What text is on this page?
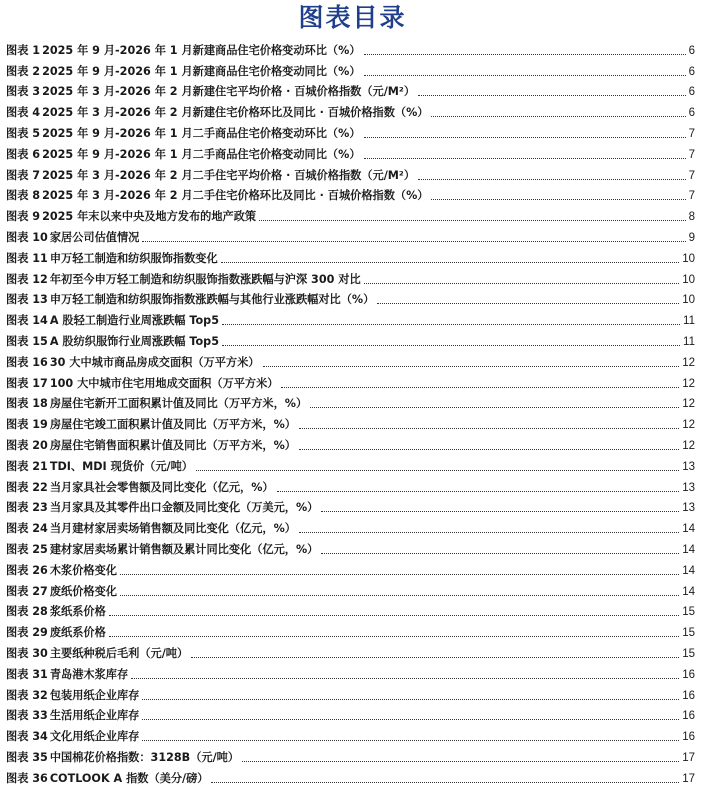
图表目录
图表 1 2025 年 9 月-2026 年 1 月新建商品住宅价格变动环比（%）	6
图表 2 2025 年 9 月-2026 年 1 月新建商品住宅价格变动同比（%）	6
图表 3 2025 年 3 月-2026 年 2 月新建住宅平均价格 · 百城价格指数（元/M²）	6
图表 4 2025 年 3 月-2026 年 2 月新建住宅价格环比及同比 · 百城价格指数（%）	6
图表 5 2025 年 9 月-2026 年 1 月二手商品住宅价格变动环比（%）	7
图表 6 2025 年 9 月-2026 年 1 月二手商品住宅价格变动同比（%）	7
图表 7 2025 年 3 月-2026 年 2 月二手住宅平均价格 · 百城价格指数（元/M²）	7
图表 8 2025 年 3 月-2026 年 2 月二手住宅价格环比及同比 · 百城价格指数（%）	7
图表 9 2025 年末以来中央及地方发布的地产政策	8
图表 10 家居公司估值情况	9
图表 11 申万轻工制造和纺织服饰指数变化	10
图表 12 年初至今申万轻工制造和纺织服饰指数涨跌幅与沪深 300 对比	10
图表 13 申万轻工制造和纺织服饰指数涨跌幅与其他行业涨跌幅对比（%）	10
图表 14 A 股轻工制造行业周涨跌幅 Top5	11
图表 15 A 股纺织服饰行业周涨跌幅 Top5	11
图表 16 30 大中城市商品房成交面积（万平方米）	12
图表 17 100 大中城市住宅用地成交面积（万平方米）	12
图表 18 房屋住宅新开工面积累计值及同比（万平方米，%）	12
图表 19 房屋住宅竣工面积累计值及同比（万平方米，%）	12
图表 20 房屋住宅销售面积累计值及同比（万平方米，%）	12
图表 21 TDI、MDI 现货价（元/吨）	13
图表 22 当月家具社会零售额及同比变化（亿元，%）	13
图表 23 当月家具及其零件出口金额及同比变化（万美元，%）	13
图表 24 当月建材家居卖场销售额及同比变化（亿元，%）	14
图表 25 建材家居卖场累计销售额及累计同比变化（亿元，%）	14
图表 26 木浆价格变化	14
图表 27 废纸价格变化	14
图表 28 浆纸系价格	15
图表 29 废纸系价格	15
图表 30 主要纸种税后毛利（元/吨）	15
图表 31 青岛港木浆库存	16
图表 32 包装用纸企业库存	16
图表 33 生活用纸企业库存	16
图表 34 文化用纸企业库存	16
图表 35 中国棉花价格指数：3128B（元/吨）	17
图表 36 COTLOOK A 指数（美分/磅）	17
